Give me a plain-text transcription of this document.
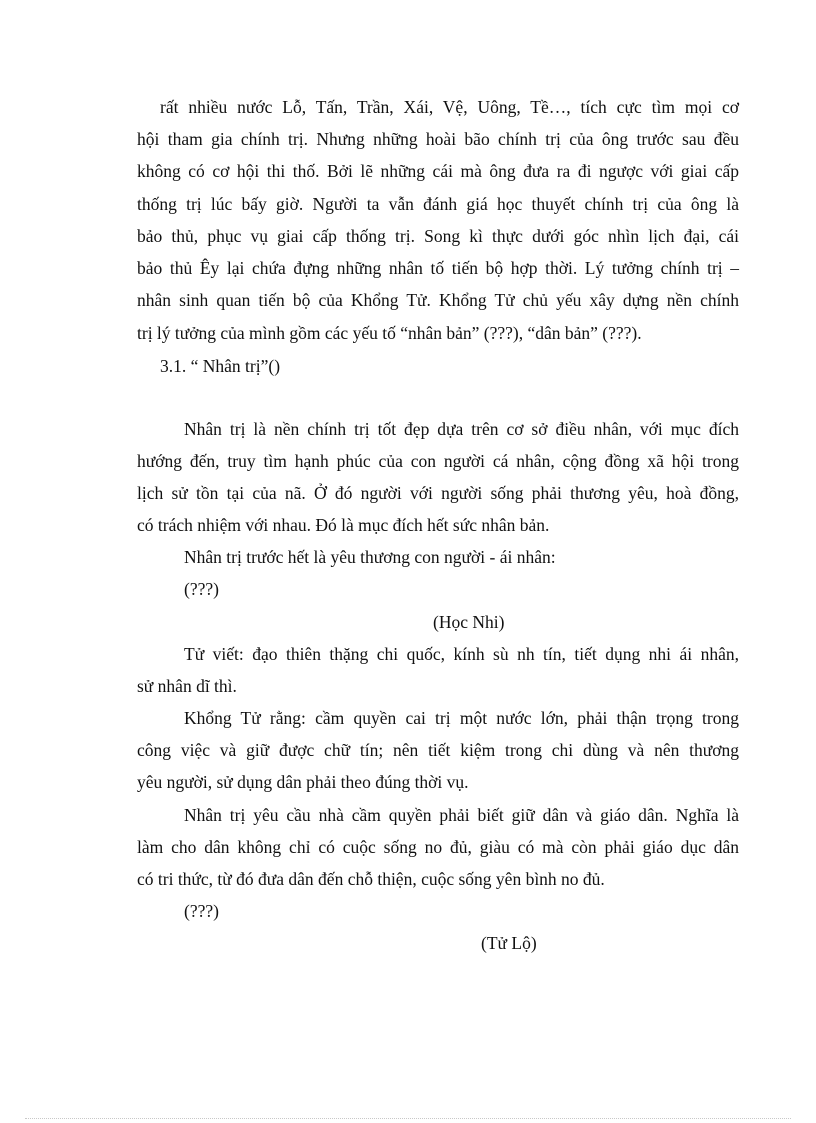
rất nhiều nước Lỗ, Tấn, Trần, Xái, Vệ, Uông, Tề…, tích cực tìm mọi cơ
hội tham gia chính trị. Nhưng những hoài bão chính trị của ông trước sau đều
không có cơ hội thi thố. Bởi lẽ những cái mà ông đưa ra đi ngược với giai cấp
thống trị lúc bấy giờ. Người ta vẫn đánh giá học thuyết chính trị của ông là
bảo thủ, phục vụ giai cấp thống trị. Song kì thực dưới góc nhìn lịch đại, cái
bảo thủ Êy lại chứa đựng những nhân tố tiến bộ hợp thời. Lý tưởng chính trị –
nhân sinh quan tiến bộ của Khổng Tử. Khổng Tử chủ yếu xây dựng nền chính
trị lý tưởng của mình gồm các yếu tố “nhân bản” (???), “dân bản” (???).
3.1. “ Nhân trị”()
Nhân trị là nền chính trị tốt đẹp dựa trên cơ sở điều nhân, với mục đích
hướng đến, truy tìm hạnh phúc của con người cá nhân, cộng đồng xã hội trong
lịch sử tồn tại của nã. Ở đó người với người sống phải thương yêu, hoà đồng,
có trách nhiệm với nhau. Đó là mục đích hết sức nhân bản.
Nhân trị trước hết là yêu thương con người - ái nhân:
(???)
(Học Nhi)
Tử viết: đạo thiên thặng chi quốc, kính sù nh tín, tiết dụng nhi ái nhân,
sử nhân dĩ thì.
Khổng Tử rằng: cầm quyền cai trị một nước lớn, phải thận trọng trong
công việc và giữ được chữ tín; nên tiết kiệm trong chi dùng và nên thương
yêu người, sử dụng dân phải theo đúng thời vụ.
Nhân trị yêu cầu nhà cầm quyền phải biết giữ dân và giáo dân. Nghĩa là
làm cho dân không chỉ có cuộc sống no đủ, giàu có mà còn phải giáo dục dân
có tri thức, từ đó đưa dân đến chỗ thiện, cuộc sống yên bình no đủ.
(???)
(Tử Lộ)
